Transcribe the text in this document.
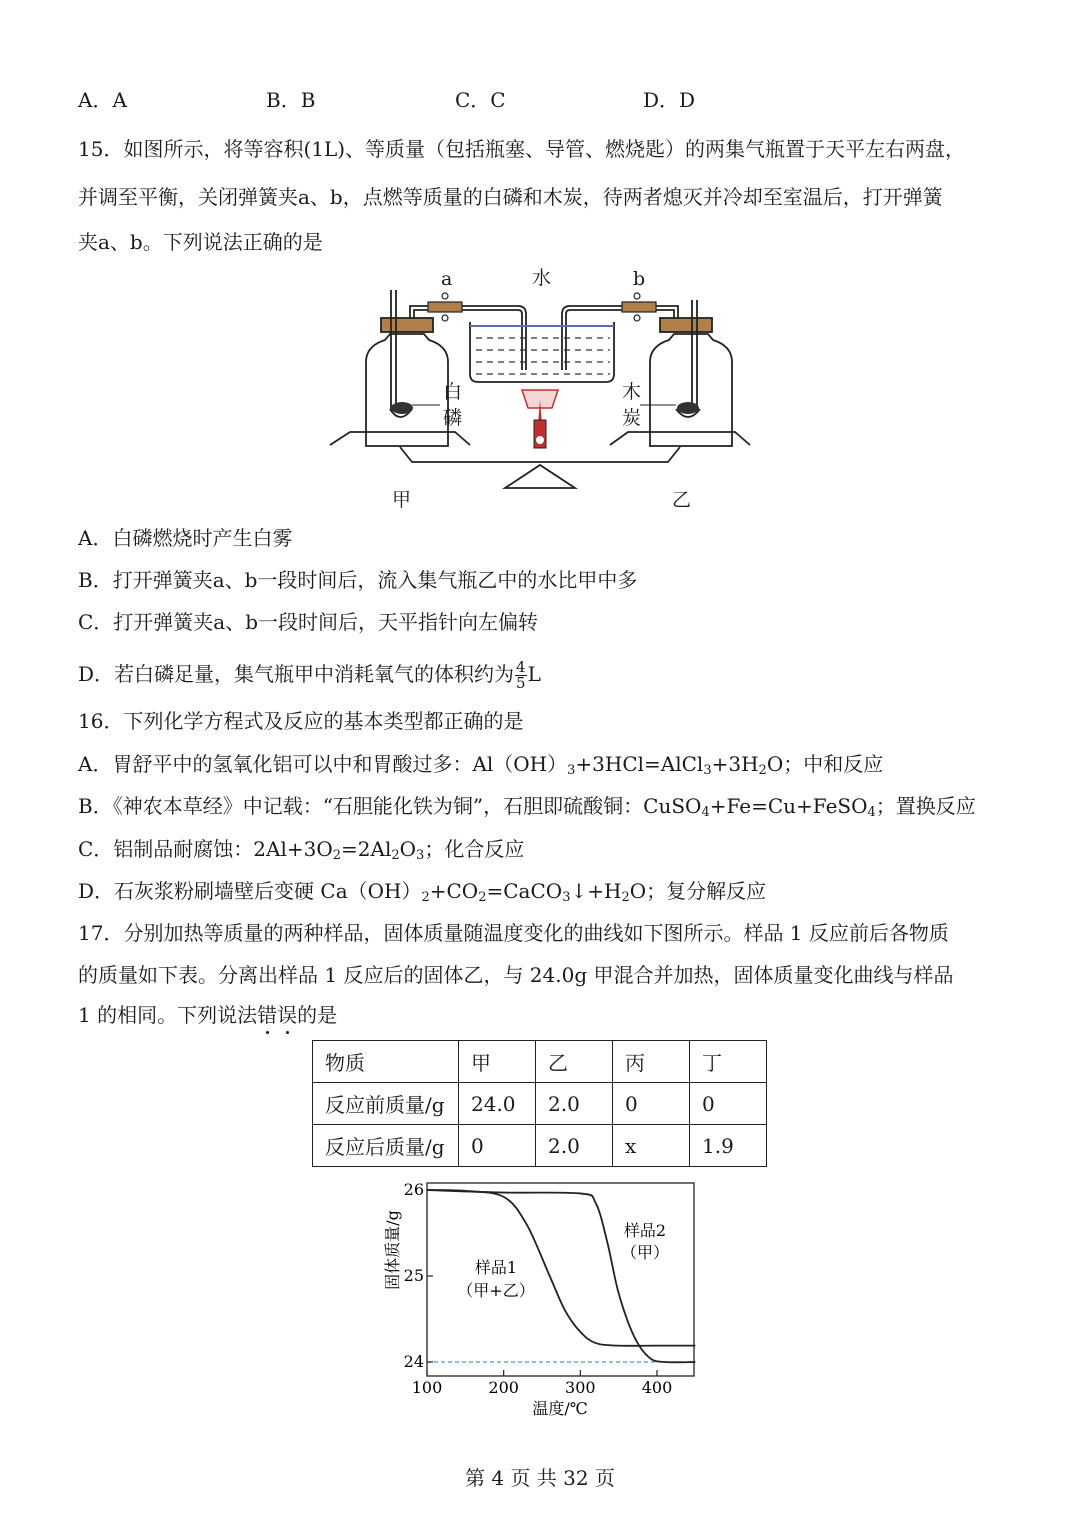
A．A	B．B	C．C	D．D
15．如图所示，将等容积(1L)、等质量（包括瓶塞、导管、燃烧匙）的两集气瓶置于天平左右两盘，
并调至平衡，关闭弹簧夹a、b，点燃等质量的白磷和木炭，待两者熄灭并冷却至室温后，打开弹簧
夹a、b。下列说法正确的是
a	b
水
白
磷
木
炭
甲	乙
A．白磷燃烧时产生白雾
B．打开弹簧夹a、b一段时间后，流入集气瓶乙中的水比甲中多
C．打开弹簧夹a、b一段时间后，天平指针向左偏转
D．若白磷足量，集气瓶甲中消耗氧气的体积约为 $\frac{4}{5}$ L
16．下列化学方程式及反应的基本类型都正确的是
A．胃舒平中的氢氧化铝可以中和胃酸过多：$Al(OH)_3+3HCl=AlCl_3+3H_2O$；中和反应
B．《神农本草经》中记载：“石胆能化铁为铜”，石胆即硫酸铜：CuSO$_4$+Fe=Cu+FeSO$_4$；置换反应
C．铝制品耐腐蚀：$2Al+3O_2=2Al_2O_3$；化合反应
D．石灰浆粉刷墙壁后变硬 $Ca(OH)_2+CO_2=CaCO_3↓+H_2O$；复分解反应
17．分别加热等质量的两种样品，固体质量随温度变化的曲线如下图所示。样品 1 反应前后各物质
的质量如下表。分离出样品 1 反应后的固体乙，与 24.0g 甲混合并加热，固体质量变化曲线与样品
1 的相同。下列说法错误的是
物质	甲	乙	丙	丁
反应前质量/g	24.0	2.0	0	0
反应后质量/g	0	2.0	x	1.9
100	200	300	400
24
25
26
固体质量/g
温度/℃
样品1
（甲+乙）
样品2
（甲）
第 4 页 共 32 页
